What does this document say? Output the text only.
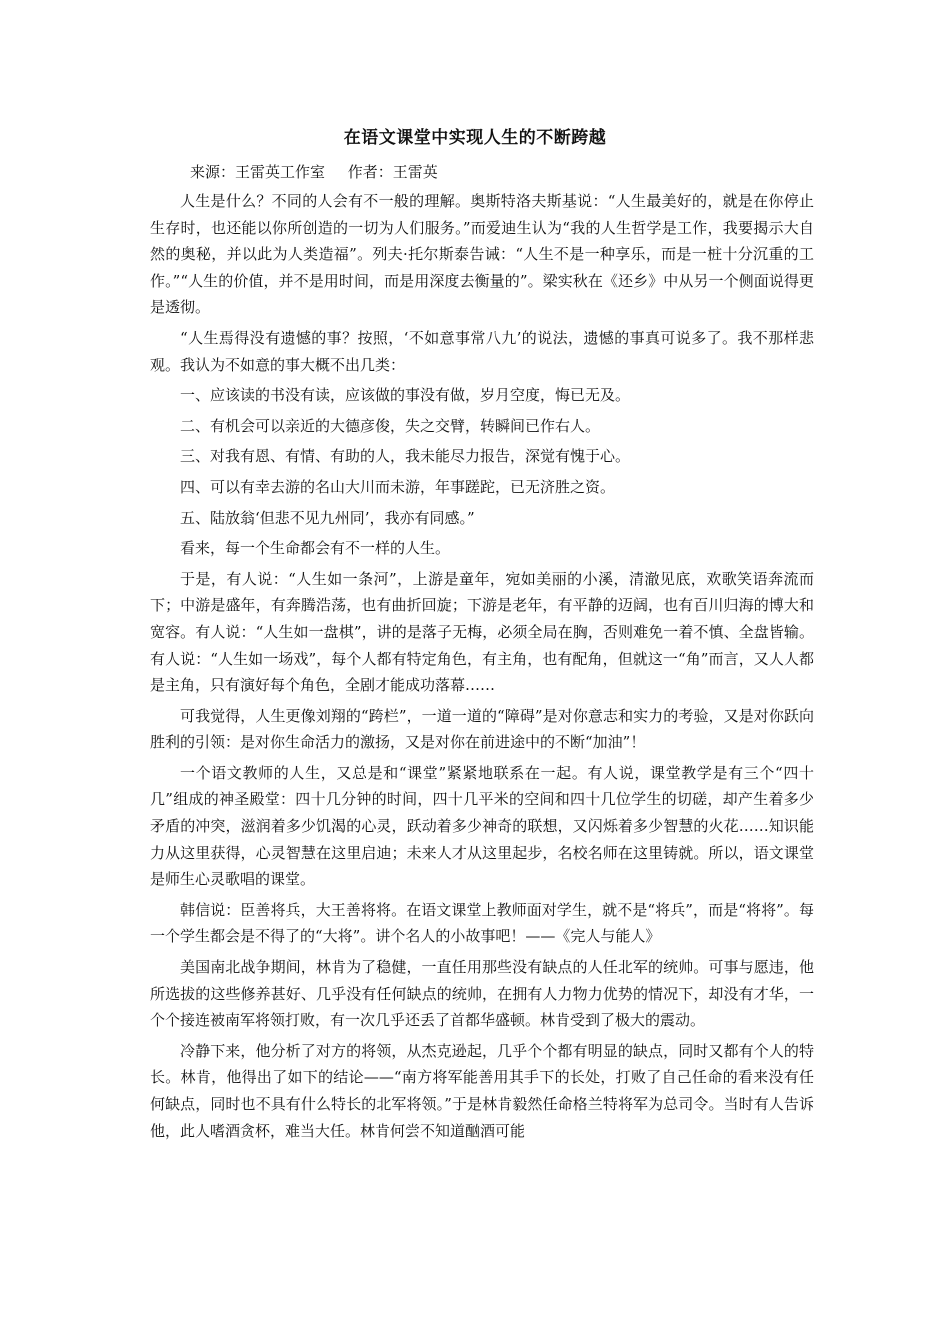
在语文课堂中实现人生的不断跨越
来源：王雷英工作室 作者：王雷英

人生是什么？不同的人会有不一般的理解。奥斯特洛夫斯基说：“人生最美好的，就是在你停止生存时，也还能以你所创造的一切为人们服务。”而爱迪生认为“我的人生哲学是工作，我要揭示大自然的奥秘，并以此为人类造福”。列夫·托尔斯泰告诫：“人生不是一种享乐，而是一桩十分沉重的工作。”“人生的价值，并不是用时间，而是用深度去衡量的”。梁实秋在《还乡》中从另一个侧面说得更是透彻。

“人生焉得没有遗憾的事？按照，‘不如意事常八九’的说法，遗憾的事真可说多了。我不那样悲观。我认为不如意的事大概不出几类：

一、应该读的书没有读，应该做的事没有做，岁月空度，悔已无及。

二、有机会可以亲近的大德彦俊，失之交臂，转瞬间已作右人。

三、对我有恩、有情、有助的人，我未能尽力报告，深觉有愧于心。

四、可以有幸去游的名山大川而未游，年事蹉跎，已无济胜之资。

五、陆放翁‘但悲不见九州同’，我亦有同感。”

看来，每一个生命都会有不一样的人生。

于是，有人说：“人生如一条河”，上游是童年，宛如美丽的小溪，清澈见底，欢歌笑语奔流而下；中游是盛年，有奔腾浩荡，也有曲折回旋；下游是老年，有平静的迈阔，也有百川归海的博大和宽容。有人说：“人生如一盘棋”，讲的是落子无梅，必须全局在胸，否则难免一着不慎、全盘皆输。有人说：“人生如一场戏”，每个人都有特定角色，有主角，也有配角，但就这一“角”而言，又人人都是主角，只有演好每个角色，全剧才能成功落幕……

可我觉得，人生更像刘翔的“跨栏”，一道一道的“障碍”是对你意志和实力的考验，又是对你跃向胜利的引领：是对你生命活力的激扬，又是对你在前进途中的不断“加油”！

一个语文教师的人生，又总是和“课堂”紧紧地联系在一起。有人说，课堂教学是有三个“四十几”组成的神圣殿堂：四十几分钟的时间，四十几平米的空间和四十几位学生的切磋，却产生着多少矛盾的冲突，滋润着多少饥渴的心灵，跃动着多少神奇的联想，又闪烁着多少智慧的火花……知识能力从这里获得，心灵智慧在这里启迪；未来人才从这里起步，名校名师在这里铸就。所以，语文课堂是师生心灵歌唱的课堂。

韩信说：臣善将兵，大王善将将。在语文课堂上教师面对学生，就不是“将兵”，而是“将将”。每一个学生都会是不得了的“大将”。讲个名人的小故事吧！——《完人与能人》

美国南北战争期间，林肯为了稳健，一直任用那些没有缺点的人任北军的统帅。可事与愿违，他所选拔的这些修养甚好、几乎没有任何缺点的统帅，在拥有人力物力优势的情况下，却没有才华，一个个接连被南军将领打败，有一次几乎还丢了首都华盛顿。林肯受到了极大的震动。

冷静下来，他分析了对方的将领，从杰克逊起，几乎个个都有明显的缺点，同时又都有个人的特长。林肯，他得出了如下的结论——“南方将军能善用其手下的长处，打败了自己任命的看来没有任何缺点，同时也不具有什么特长的北军将领。”于是林肯毅然任命格兰特将军为总司令。当时有人告诉他，此人嗜酒贪杯，难当大任。林肯何尝不知道酗酒可能
